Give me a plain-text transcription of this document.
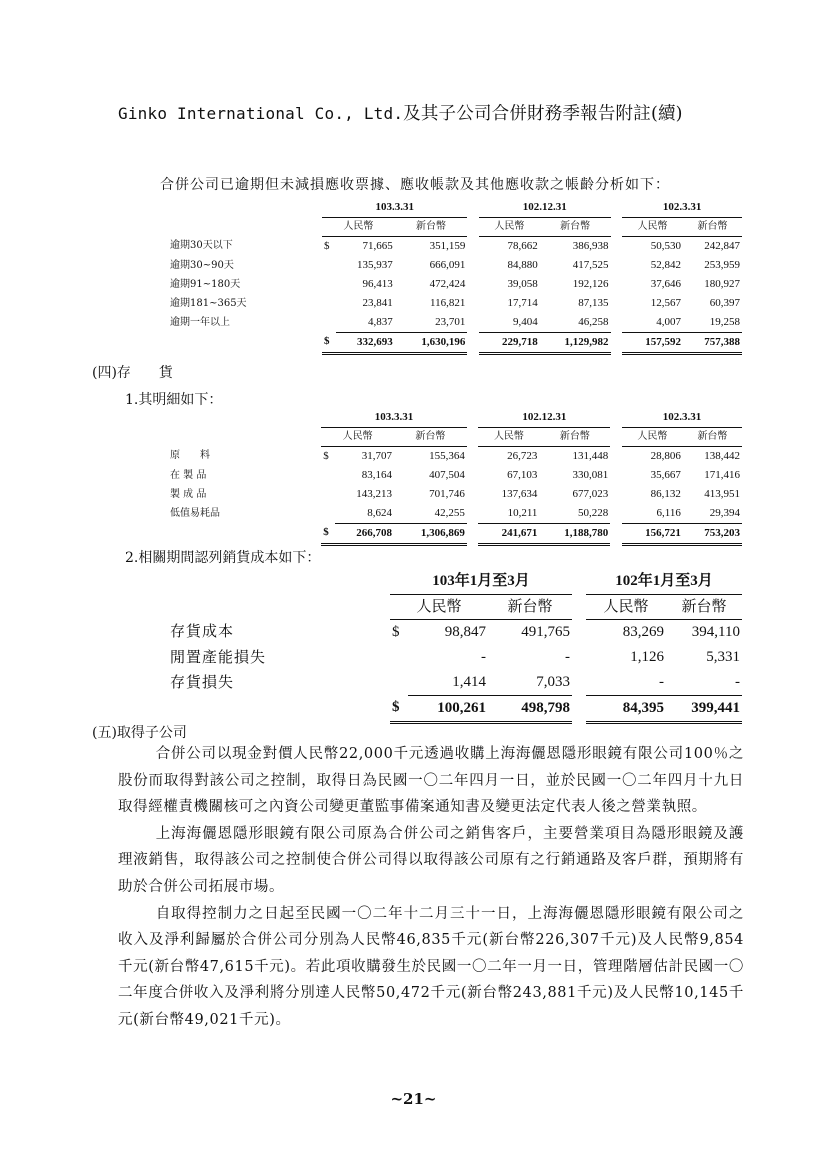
Ginko International Co., Ltd.及其子公司合併財務季報告附註(續)
合併公司已逾期但未減損應收票據、應收帳款及其他應收款之帳齡分析如下：
	103.3.31				102.12.31			102.3.31	
	人民幣		新台幣		人民幣	新台幣		人民幣	新台幣
逾期30天以下	$	71,665	351,159		78,662	386,938		50,530	242,847
逾期30~90天		135,937	666,091		84,880	417,525		52,842	253,959
逾期91~180天		96,413	472,424		39,058	192,126		37,646	180,927
逾期181~365天		23,841	116,821		17,714	87,135		12,567	60,397
逾期一年以上		4,837	23,701		9,404	46,258		4,007	19,258
	$	332,693	1,630,196		229,718	1,129,982		157,592	757,388
(四)存　　貨
1.其明細如下：
	103.3.31				102.12.31			102.3.31	
	人民幣		新台幣		人民幣	新台幣		人民幣	新台幣
原　　料	$	31,707	155,364		26,723	131,448		28,806	138,442
在 製 品		83,164	407,504		67,103	330,081		35,667	171,416
製 成 品		143,213	701,746		137,634	677,023		86,132	413,951
低值易耗品		8,624	42,255		10,211	50,228		6,116	29,394
	$	266,708	1,306,869		241,671	1,188,780		156,721	753,203
2.相關期間認列銷貨成本如下：
	103年1月至3月				102年1月至3月	
	人民幣		新台幣		人民幣	新台幣
存貨成本	$	98,847	491,765		83,269	394,110
閒置產能損失		-	-		1,126	5,331
存貨損失		1,414	7,033		-	-
	$	100,261	498,798		84,395	399,441
(五)取得子公司

合併公司以現金對價人民幣22,000千元透過收購上海海儷恩隱形眼鏡有限公司100％之股份而取得對該公司之控制，取得日為民國一〇二年四月一日，並於民國一〇二年四月十九日取得經權責機關核可之內資公司變更董監事備案通知書及變更法定代表人後之營業執照。

上海海儷恩隱形眼鏡有限公司原為合併公司之銷售客戶，主要營業項目為隱形眼鏡及護理液銷售，取得該公司之控制使合併公司得以取得該公司原有之行銷通路及客戶群，預期將有助於合併公司拓展市場。

自取得控制力之日起至民國一〇二年十二月三十一日，上海海儷恩隱形眼鏡有限公司之收入及淨利歸屬於合併公司分別為人民幣46,835千元(新台幣226,307千元)及人民幣9,854千元(新台幣47,615千元)。若此項收購發生於民國一〇二年一月一日，管理階層估計民國一〇二年度合併收入及淨利將分別達人民幣50,472千元(新台幣243,881千元)及人民幣10,145千元(新台幣49,021千元)。

~21~
